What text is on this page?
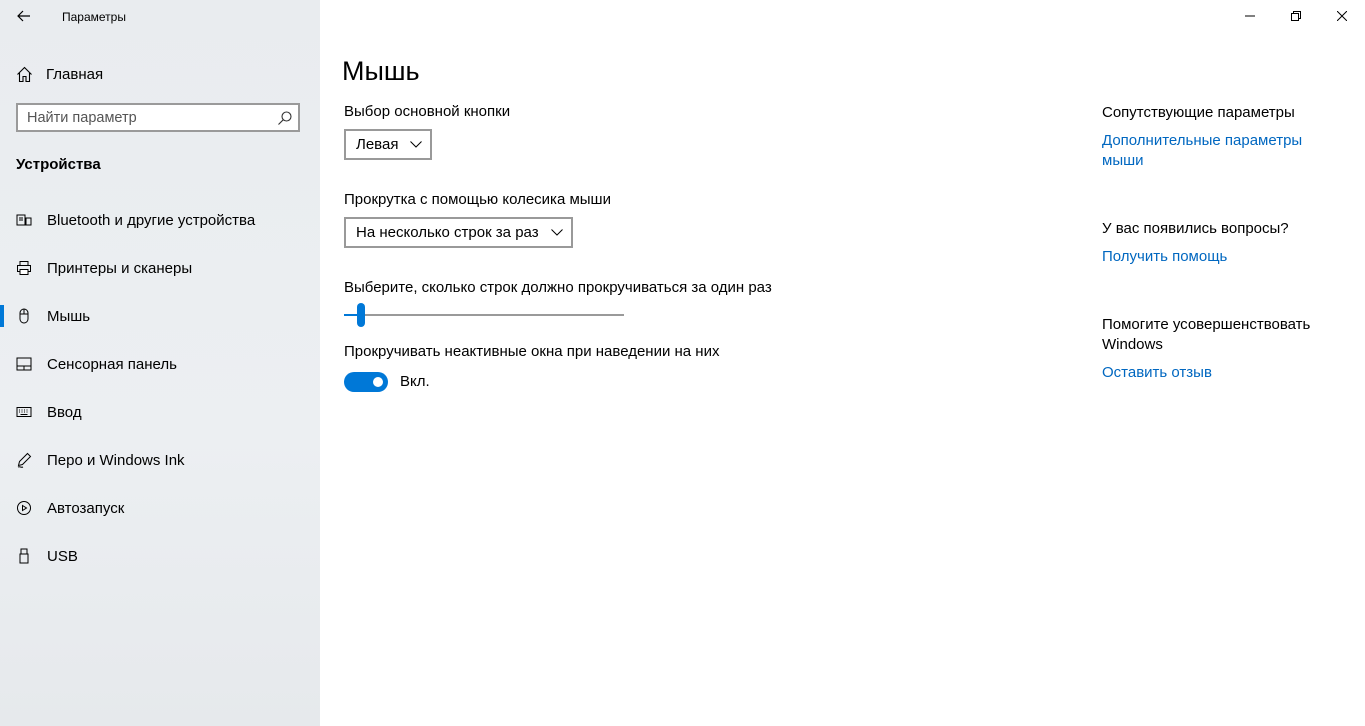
Параметры
Главная
Найти параметр
Устройства
Bluetooth и другие устройства
Принтеры и сканеры
Мышь
Сенсорная панель
Ввод
Перо и Windows Ink
Автозапуск
USB
Мышь
Выбор основной кнопки
Левая
Прокрутка с помощью колесика мыши
На несколько строк за раз
Выберите, сколько строк должно прокручиваться за один раз
Прокручивать неактивные окна при наведении на них
Вкл.
Сопутствующие параметры
Дополнительные параметры мыши
У вас появились вопросы?
Получить помощь
Помогите усовершенствовать Windows
Оставить отзыв
